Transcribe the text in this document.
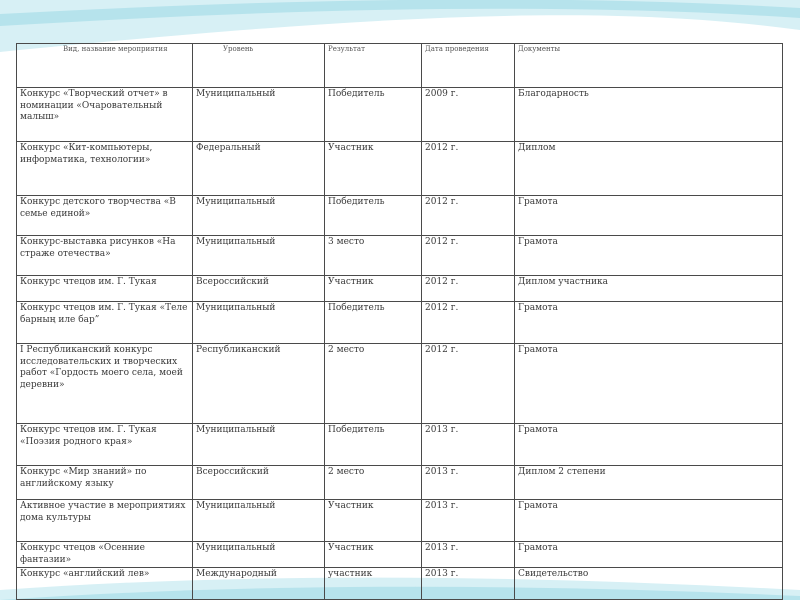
Вид, название мероприятия	Уровень	Результат	Дата проведения	Документы
Конкурс «Творческий отчет» в номинации «Очаровательный малыш»	Муниципальный	Победитель	2009 г.	Благодарность
Конкурс «Кит-компьютеры, информатика, технологии»	Федеральный	Участник	2012 г.	Диплом
Конкурс детского творчества «В семье единой»	Муниципальный	Победитель	2012 г.	Грамота
Конкурс-выставка рисунков «На страже отечества»	Муниципальный	3 место	2012 г.	Грамота
Конкурс чтецов им. Г. Тукая	Всероссийский	Участник	2012 г.	Диплом участника
Конкурс чтецов им. Г. Тукая «Теле барның иле бар”	Муниципальный	Победитель	2012 г.	Грамота
I Республиканский конкурс исследовательских и творческих работ «Гордость моего села, моей деревни»	Республиканский	2 место	2012 г.	Грамота
Конкурс чтецов им. Г. Тукая «Поэзия родного края»	Муниципальный	Победитель	2013 г.	Грамота
Конкурс «Мир знаний» по английскому языку	Всероссийский	2 место	2013 г.	Диплом 2 степени
Активное участие в мероприятиях дома культуры	Муниципальный	Участник	2013 г.	Грамота
Конкурс чтецов «Осенние фантазии»	Муниципальный	Участник	2013 г.	Грамота
Конкурс «английский лев»	Международный	участник	2013 г.	Свидетельство
